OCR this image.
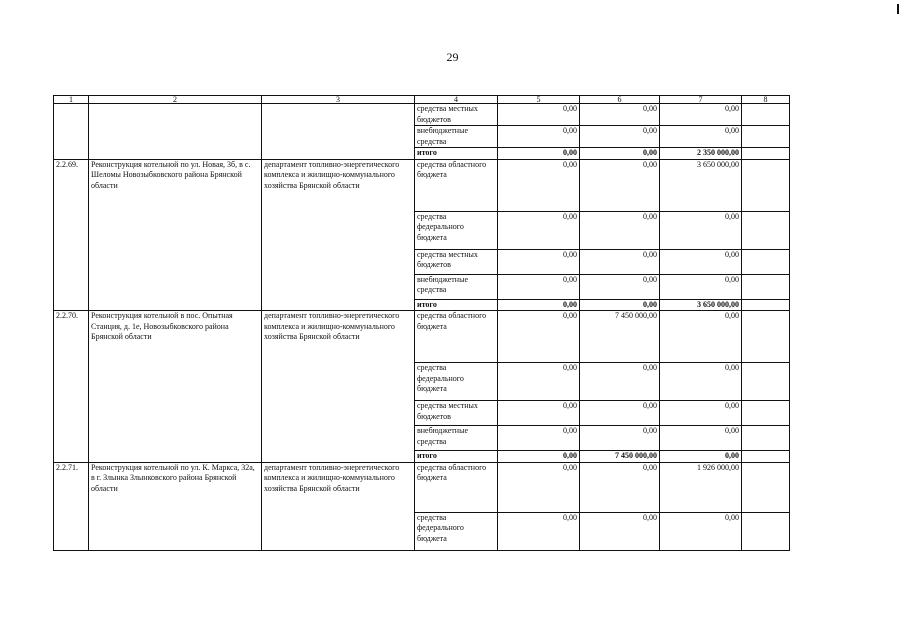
29
1	2	3	4	5	6	7	8
			средства местных бюджетов	0,00	0,00	0,00	
			внебюджетные средства	0,00	0,00	0,00	
			итого	0,00	0,00	2 350 000,00	
2.2.69.	Реконструкция котельной по ул. Новая, 3б, в с. Шеломы Новозыбковского района Брянской области	департамент топливно-энергетического комплекса и жилищно-коммунального хозяйства Брянской области	средства областного бюджета	0,00	0,00	3 650 000,00	
			средства федерального бюджета	0,00	0,00	0,00	
			средства местных бюджетов	0,00	0,00	0,00	
			внебюджетные средства	0,00	0,00	0,00	
			итого	0,00	0,00	3 650 000,00	
2.2.70.	Реконструкция котельной в пос. Опытная Станция, д. 1е, Новозыбковского района Брянской области	департамент топливно-энергетического комплекса и жилищно-коммунального хозяйства Брянской области	средства областного бюджета	0,00	7 450 000,00	0,00	
			средства федерального бюджета	0,00	0,00	0,00	
			средства местных бюджетов	0,00	0,00	0,00	
			внебюджетные средства	0,00	0,00	0,00	
			итого	0,00	7 450 000,00	0,00	
2.2.71.	Реконструкция котельной по ул. К. Маркса, 32а, в г. Злынка Злынковского района Брянской области	департамент топливно-энергетического комплекса и жилищно-коммунального хозяйства Брянской области	средства областного бюджета	0,00	0,00	1 926 000,00	
			средства федерального бюджета	0,00	0,00	0,00	
